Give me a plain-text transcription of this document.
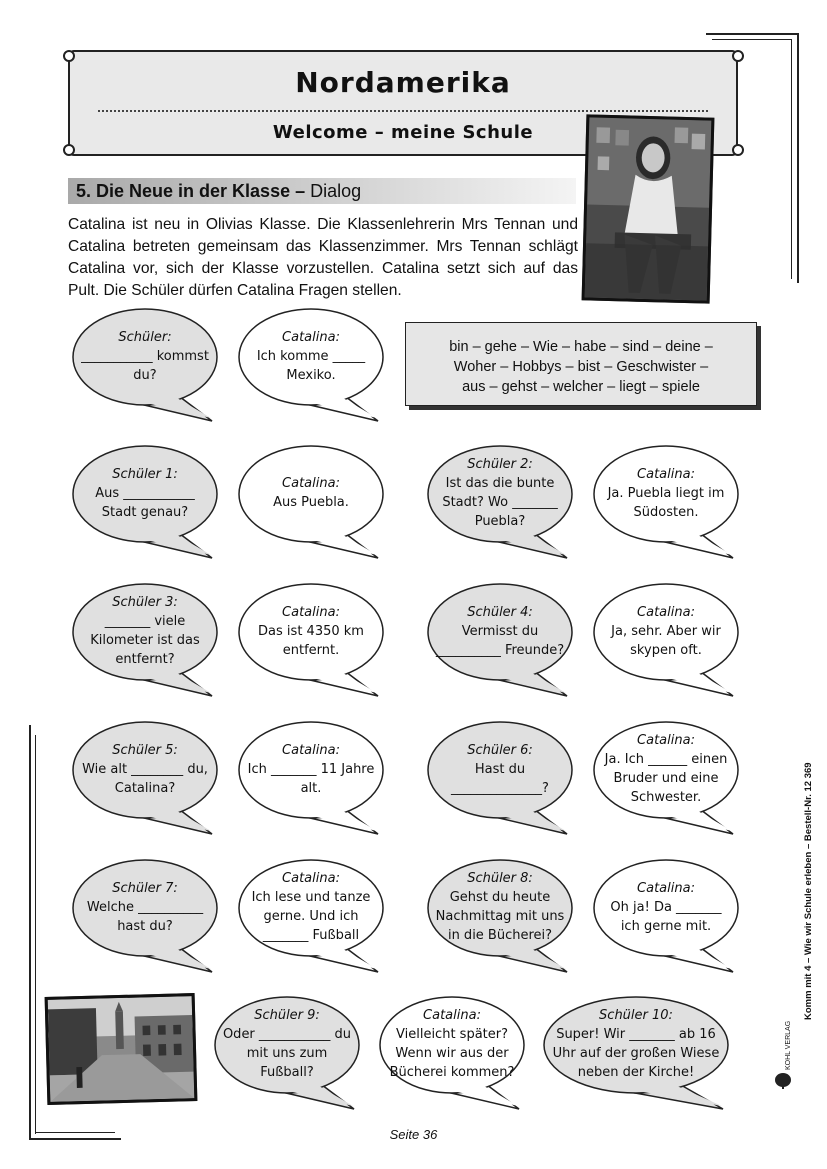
Nordamerika
Welcome – meine Schule
5. Die Neue in der Klasse – Dialog
Catalina ist neu in Olivias Klasse. Die Klassenlehrerin Mrs Tennan und Catalina betreten gemeinsam das Klassenzimmer. Mrs Tennan schlägt Catalina vor, sich der Klasse vorzustellen. Catalina setzt sich auf das Pult. Die Schüler dürfen Catalina Fragen stellen.
bin – gehe – Wie – habe – sind – deine –
Woher – Hobbys – bist – Geschwister –
aus – gehst – welcher – liegt – spiele
Schüler:
___________ kommst du?
Catalina:
Ich komme _____ Mexiko.
Schüler 1:
Aus ___________ Stadt genau?
Catalina:
Aus Puebla.
Schüler 2:
Ist das die bunte Stadt? Wo _______ Puebla?
Catalina:
Ja. Puebla liegt im Südosten.
Schüler 3:
_______ viele Kilometer ist das entfernt?
Catalina:
Das ist 4350 km entfernt.
Schüler 4:
Vermisst du __________ Freunde?
Catalina:
Ja, sehr. Aber wir skypen oft.
Schüler 5:
Wie alt ________ du, Catalina?
Catalina:
Ich _______ 11 Jahre alt.
Schüler 6:
Hast du ______________?
Catalina:
Ja. Ich ______ einen Bruder und eine Schwester.
Schüler 7:
Welche __________ hast du?
Catalina:
Ich lese und tanze gerne. Und ich _______ Fußball
Schüler 8:
Gehst du heute Nachmittag mit uns in die Bücherei?
Catalina:
Oh ja! Da _______ ich gerne mit.
Schüler 9:
Oder ___________ du mit uns zum Fußball?
Catalina:
Vielleicht später? Wenn wir aus der Bücherei kommen?
Schüler 10:
Super! Wir _______ ab 16 Uhr auf der großen Wiese neben der Kirche!
Komm mit 4 – Wie wir Schule erleben – Bestell-Nr. 12 369
KOHL VERLAG
Seite 36
